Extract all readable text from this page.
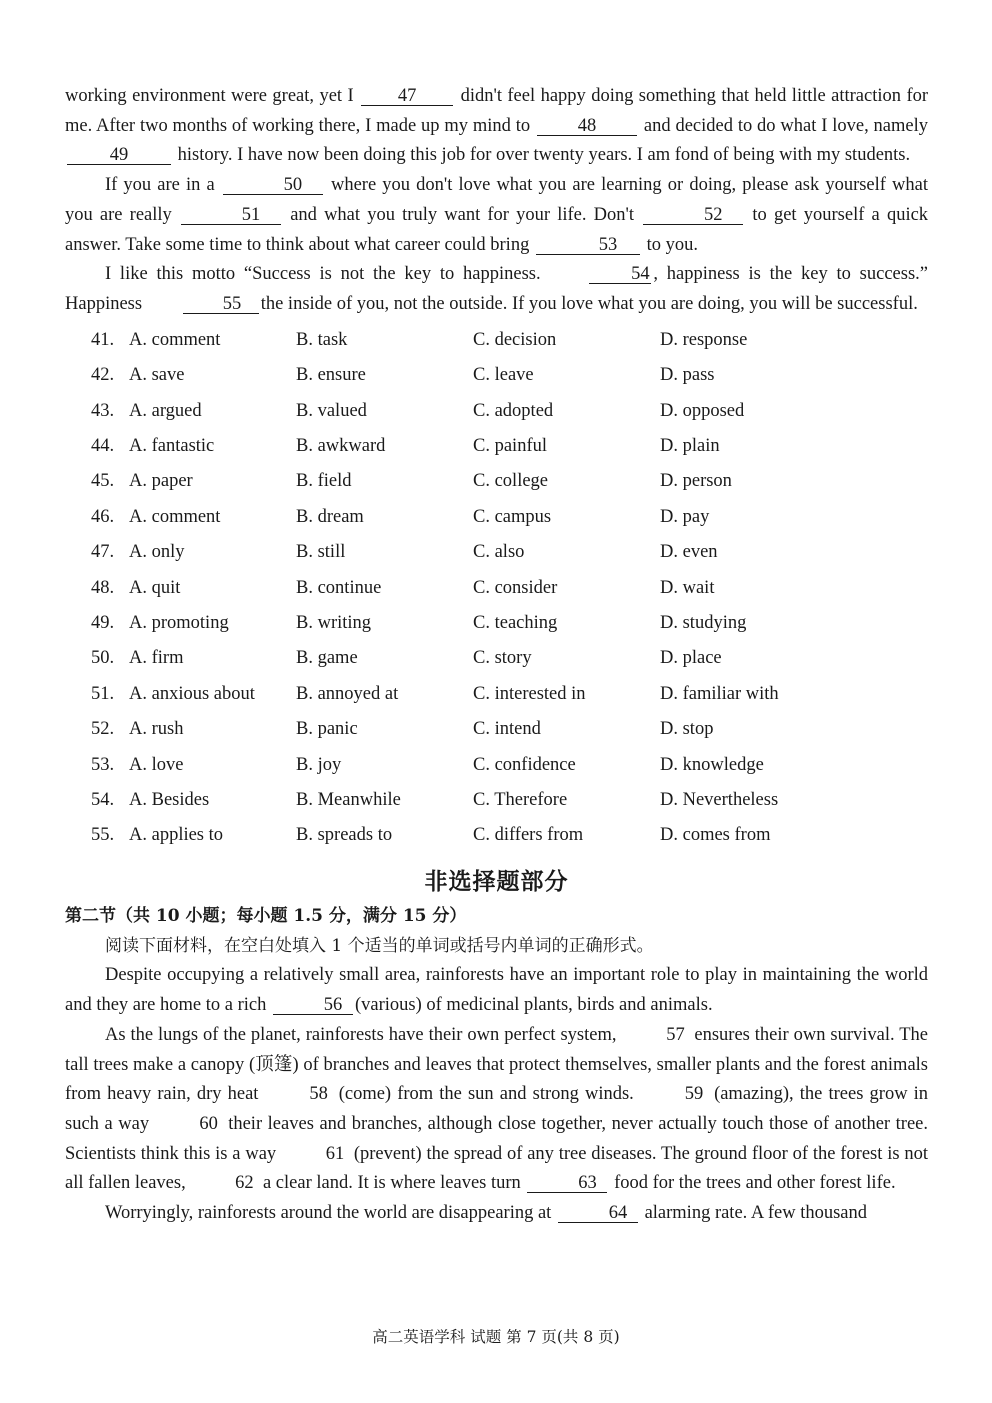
working environment were great, yet I 47 didn't feel happy doing something that held little attraction for me. After two months of working there, I made up my mind to	48	and decided to do what I love, namely 49	history. I have now been doing this job for over twenty years. I am fond of being with my students.

If you are in a	50 where you don't love what you are learning or doing, please ask yourself what you are really	51 and what you truly want for your life. Don't	52 to get yourself a quick answer. Take some time to think about what career could bring	53 to you.

I like this motto “Success is not the key to happiness.	54 , happiness is the key to success.” Happiness	55 the inside of you, not the outside. If you love what you are doing, you will be successful.

41. A. comment	B. task	C. decision	D. response
42. A. save	B. ensure	C. leave	D. pass
43. A. argued	B. valued	C. adopted	D. opposed
44. A. fantastic	B. awkward	C. painful	D. plain
45. A. paper	B. field	C. college	D. person
46. A. comment	B. dream	C. campus	D. pay
47. A. only	B. still	C. also	D. even
48. A. quit	B. continue	C. consider	D. wait
49. A. promoting	B. writing	C. teaching	D. studying
50. A. firm	B. game	C. story	D. place
51. A. anxious about	B. annoyed at	C. interested in	D. familiar with
52. A. rush	B. panic	C. intend	D. stop
53. A. love	B. joy	C. confidence	D. knowledge
54. A. Besides	B. Meanwhile	C. Therefore	D. Nevertheless
55. A. applies to	B. spreads to	C. differs from	D. comes from
非选择题部分
第二节（共 10 小题；每小题 1.5 分，满分 15 分）
阅读下面材料，在空白处填入 1 个适当的单词或括号内单词的正确形式。

Despite occupying a relatively small area, rainforests have an important role to play in maintaining the world and they are home to a rich	56 (various) of medicinal plants, birds and animals.

As the lungs of the planet, rainforests have their own perfect system,	57 ensures their own survival. The tall trees make a canopy (顶篷) of branches and leaves that protect themselves, smaller plants and the forest animals from heavy rain, dry heat	58 (come) from the sun and strong winds.	59 (amazing), the trees grow in such a way	60 their leaves and branches, although close together, never actually touch those of another tree. Scientists think this is a way	61 (prevent) the spread of any tree diseases. The ground floor of the forest is not all fallen leaves,	62 a clear land. It is where leaves turn	63 food for the trees and other forest life.

Worryingly, rainforests around the world are disappearing at	64 alarming rate. A few thousand

高二英语学科 试题 第 7 页(共 8 页)
